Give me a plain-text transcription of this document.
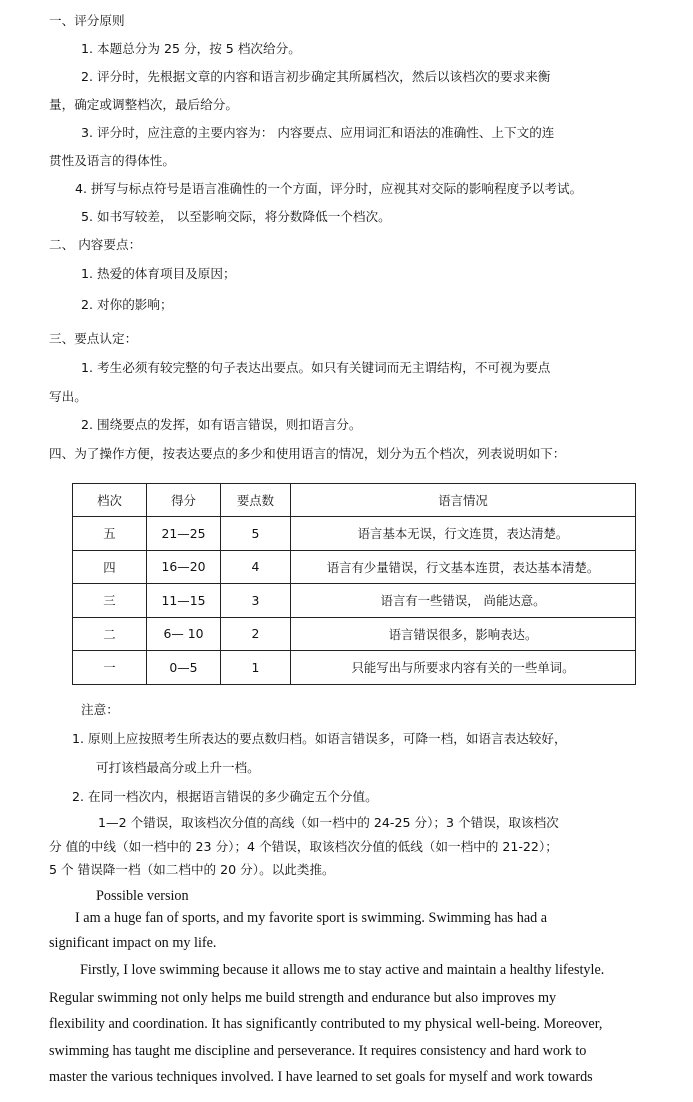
一、评分原则
1. 本题总分为 25 分，按 5 档次给分。
2. 评分时，先根据文章的内容和语言初步确定其所属档次，然后以该档次的要求来衡
量，确定或调整档次，最后给分。
3. 评分时，应注意的主要内容为： 内容要点、应用词汇和语法的准确性、上下文的连
贯性及语言的得体性。
4. 拼写与标点符号是语言准确性的一个方面，评分时，应视其对交际的影响程度予以考试。
5. 如书写较差， 以至影响交际，将分数降低一个档次。
二、 内容要点：
1. 热爱的体育项目及原因；
2. 对你的影响；
三、要点认定：
1. 考生必须有较完整的句子表达出要点。如只有关键词而无主谓结构，不可视为要点
写出。
2. 围绕要点的发挥，如有语言错误，则扣语言分。
四、为了操作方便，按表达要点的多少和使用语言的情况，划分为五个档次，列表说明如下：
档次	得分	要点数	语言情况
五	21—25	5	语言基本无误，行文连贯，表达清楚。
四	16—20	4	语言有少量错误，行文基本连贯，表达基本清楚。
三	11—15	3	语言有一些错误， 尚能达意。
二	6— 10	2	语言错误很多，影响表达。
一	0—5	1	只能写出与所要求内容有关的一些单词。
注意：
1. 原则上应按照考生所表达的要点数归档。如语言错误多，可降一档，如语言表达较好，
可打该档最高分或上升一档。
2. 在同一档次内，根据语言错误的多少确定五个分值。
1—2 个错误，取该档次分值的高线（如一档中的 24-25 分）；3 个错误，取该档次
分 值的中线（如一档中的 23 分）；4 个错误，取该档次分值的低线（如一档中的 21-22）；
5 个 错误降一档（如二档中的 20 分）。以此类推。
Possible version
I am a huge fan of sports, and my favorite sport is swimming. Swimming has had a
significant impact on my life.
Firstly, I love swimming because it allows me to stay active and maintain a healthy lifestyle.
Regular swimming not only helps me build strength and endurance but also improves my
flexibility and coordination. It has significantly contributed to my physical well-being. Moreover,
swimming has taught me discipline and perseverance. It requires consistency and hard work to
master the various techniques involved. I have learned to set goals for myself and work towards
